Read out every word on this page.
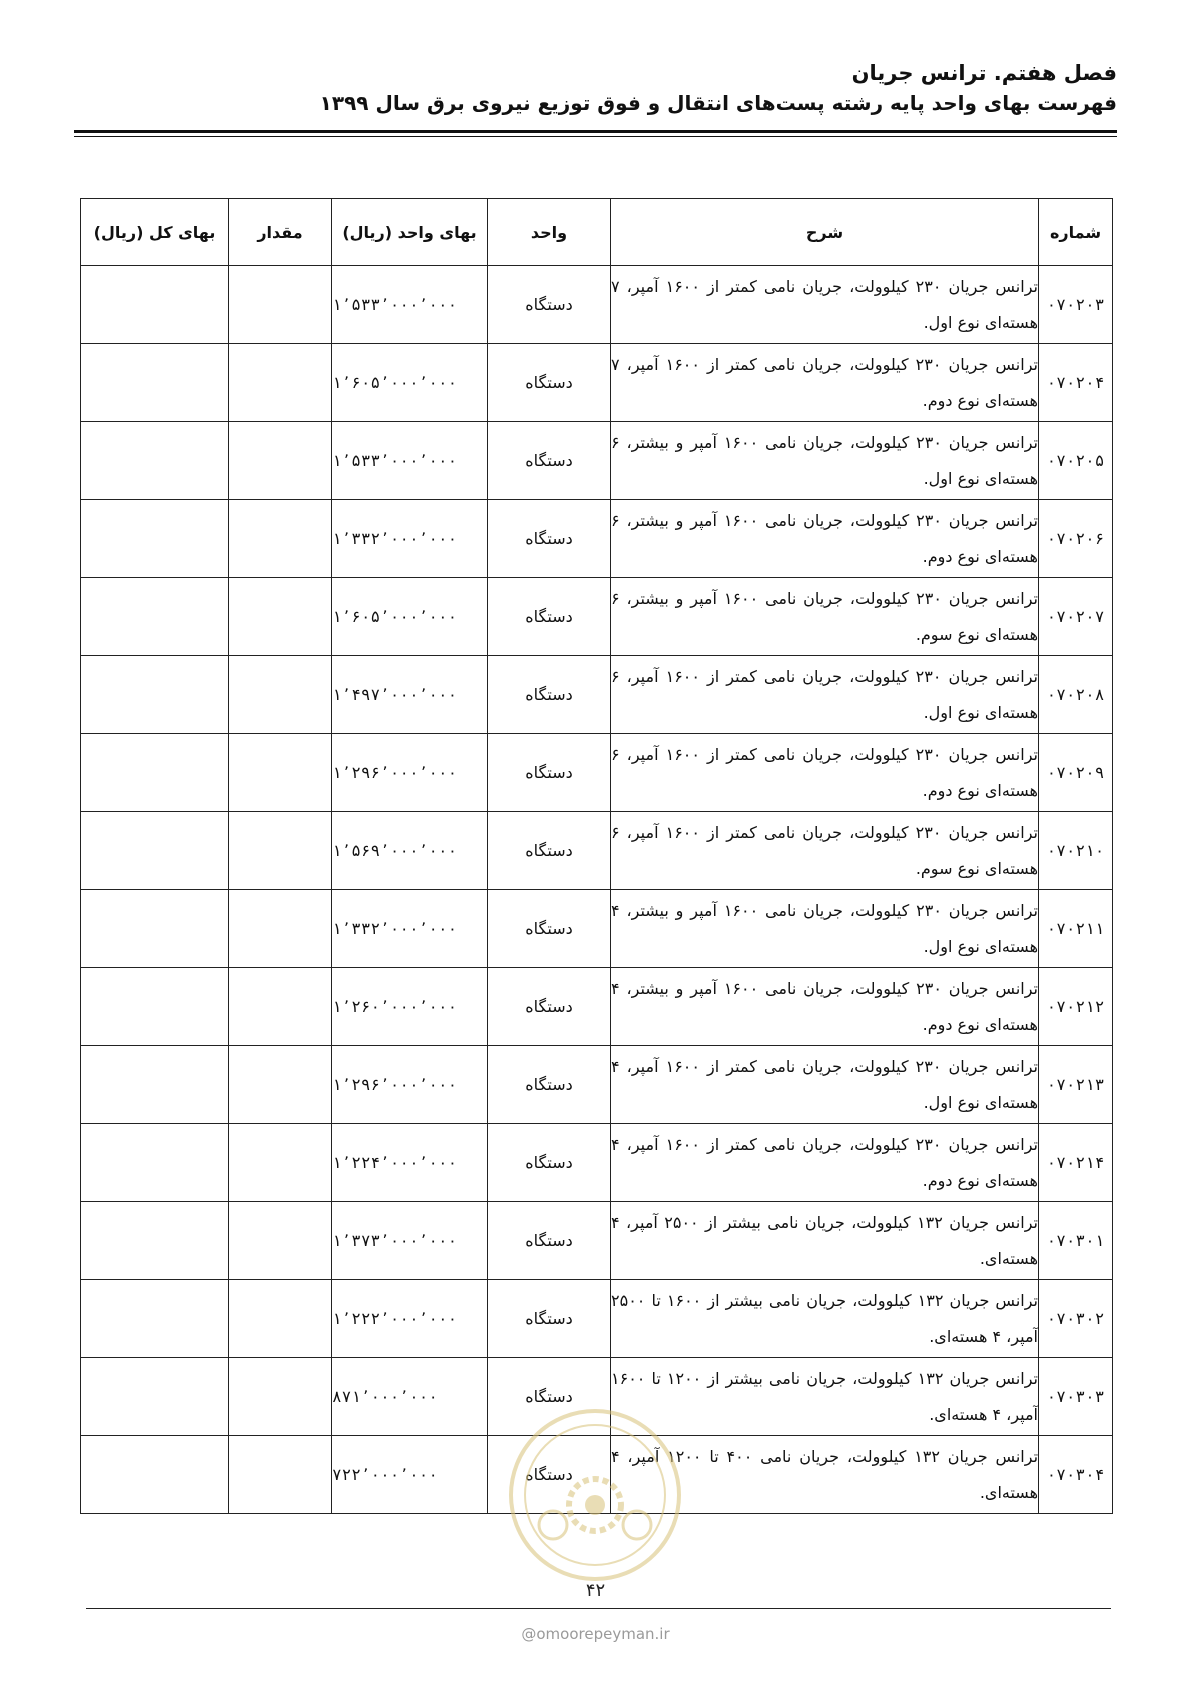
فصل هفتم. ترانس جریان
فهرست بهای واحد پایه رشته پست‌های انتقال و فوق توزیع نیروی برق سال ۱۳۹۹
شماره	شرح	واحد	بهای واحد (ریال)	مقدار	بهای کل (ریال)
۰۷۰۲۰۳	ترانس جریان ۲۳۰ کیلوولت، جریان نامی کمتر از ۱۶۰۰ آمپر، ۷ هسته‌ای نوع اول.	دستگاه	۱٬۵۳۳٬۰۰۰٬۰۰۰		
۰۷۰۲۰۴	ترانس جریان ۲۳۰ کیلوولت، جریان نامی کمتر از ۱۶۰۰ آمپر، ۷ هسته‌ای نوع دوم.	دستگاه	۱٬۶۰۵٬۰۰۰٬۰۰۰		
۰۷۰۲۰۵	ترانس جریان ۲۳۰ کیلوولت، جریان نامی ۱۶۰۰ آمپر و بیشتر، ۶ هسته‌ای نوع اول.	دستگاه	۱٬۵۳۳٬۰۰۰٬۰۰۰		
۰۷۰۲۰۶	ترانس جریان ۲۳۰ کیلوولت، جریان نامی ۱۶۰۰ آمپر و بیشتر، ۶ هسته‌ای نوع دوم.	دستگاه	۱٬۳۳۲٬۰۰۰٬۰۰۰		
۰۷۰۲۰۷	ترانس جریان ۲۳۰ کیلوولت، جریان نامی ۱۶۰۰ آمپر و بیشتر، ۶ هسته‌ای نوع سوم.	دستگاه	۱٬۶۰۵٬۰۰۰٬۰۰۰		
۰۷۰۲۰۸	ترانس جریان ۲۳۰ کیلوولت، جریان نامی کمتر از ۱۶۰۰ آمپر، ۶ هسته‌ای نوع اول.	دستگاه	۱٬۴۹۷٬۰۰۰٬۰۰۰		
۰۷۰۲۰۹	ترانس جریان ۲۳۰ کیلوولت، جریان نامی کمتر از ۱۶۰۰ آمپر، ۶ هسته‌ای نوع دوم.	دستگاه	۱٬۲۹۶٬۰۰۰٬۰۰۰		
۰۷۰۲۱۰	ترانس جریان ۲۳۰ کیلوولت، جریان نامی کمتر از ۱۶۰۰ آمپر، ۶ هسته‌ای نوع سوم.	دستگاه	۱٬۵۶۹٬۰۰۰٬۰۰۰		
۰۷۰۲۱۱	ترانس جریان ۲۳۰ کیلوولت، جریان نامی ۱۶۰۰ آمپر و بیشتر، ۴ هسته‌ای نوع اول.	دستگاه	۱٬۳۳۲٬۰۰۰٬۰۰۰		
۰۷۰۲۱۲	ترانس جریان ۲۳۰ کیلوولت، جریان نامی ۱۶۰۰ آمپر و بیشتر، ۴ هسته‌ای نوع دوم.	دستگاه	۱٬۲۶۰٬۰۰۰٬۰۰۰		
۰۷۰۲۱۳	ترانس جریان ۲۳۰ کیلوولت، جریان نامی کمتر از ۱۶۰۰ آمپر، ۴ هسته‌ای نوع اول.	دستگاه	۱٬۲۹۶٬۰۰۰٬۰۰۰		
۰۷۰۲۱۴	ترانس جریان ۲۳۰ کیلوولت، جریان نامی کمتر از ۱۶۰۰ آمپر، ۴ هسته‌ای نوع دوم.	دستگاه	۱٬۲۲۴٬۰۰۰٬۰۰۰		
۰۷۰۳۰۱	ترانس جریان ۱۳۲ کیلوولت، جریان نامی بیشتر از ۲۵۰۰ آمپر، ۴ هسته‌ای.	دستگاه	۱٬۳۷۳٬۰۰۰٬۰۰۰		
۰۷۰۳۰۲	ترانس جریان ۱۳۲ کیلوولت، جریان نامی بیشتر از ۱۶۰۰ تا ۲۵۰۰ آمپر، ۴ هسته‌ای.	دستگاه	۱٬۲۲۲٬۰۰۰٬۰۰۰		
۰۷۰۳۰۳	ترانس جریان ۱۳۲ کیلوولت، جریان نامی بیشتر از ۱۲۰۰ تا ۱۶۰۰ آمپر، ۴ هسته‌ای.	دستگاه	۸۷۱٬۰۰۰٬۰۰۰		
۰۷۰۳۰۴	ترانس جریان ۱۳۲ کیلوولت، جریان نامی ۴۰۰ تا ۱۲۰۰ آمپر، ۴ هسته‌ای.	دستگاه	۷۲۲٬۰۰۰٬۰۰۰		
۴۲
@omoorepeyman.ir
